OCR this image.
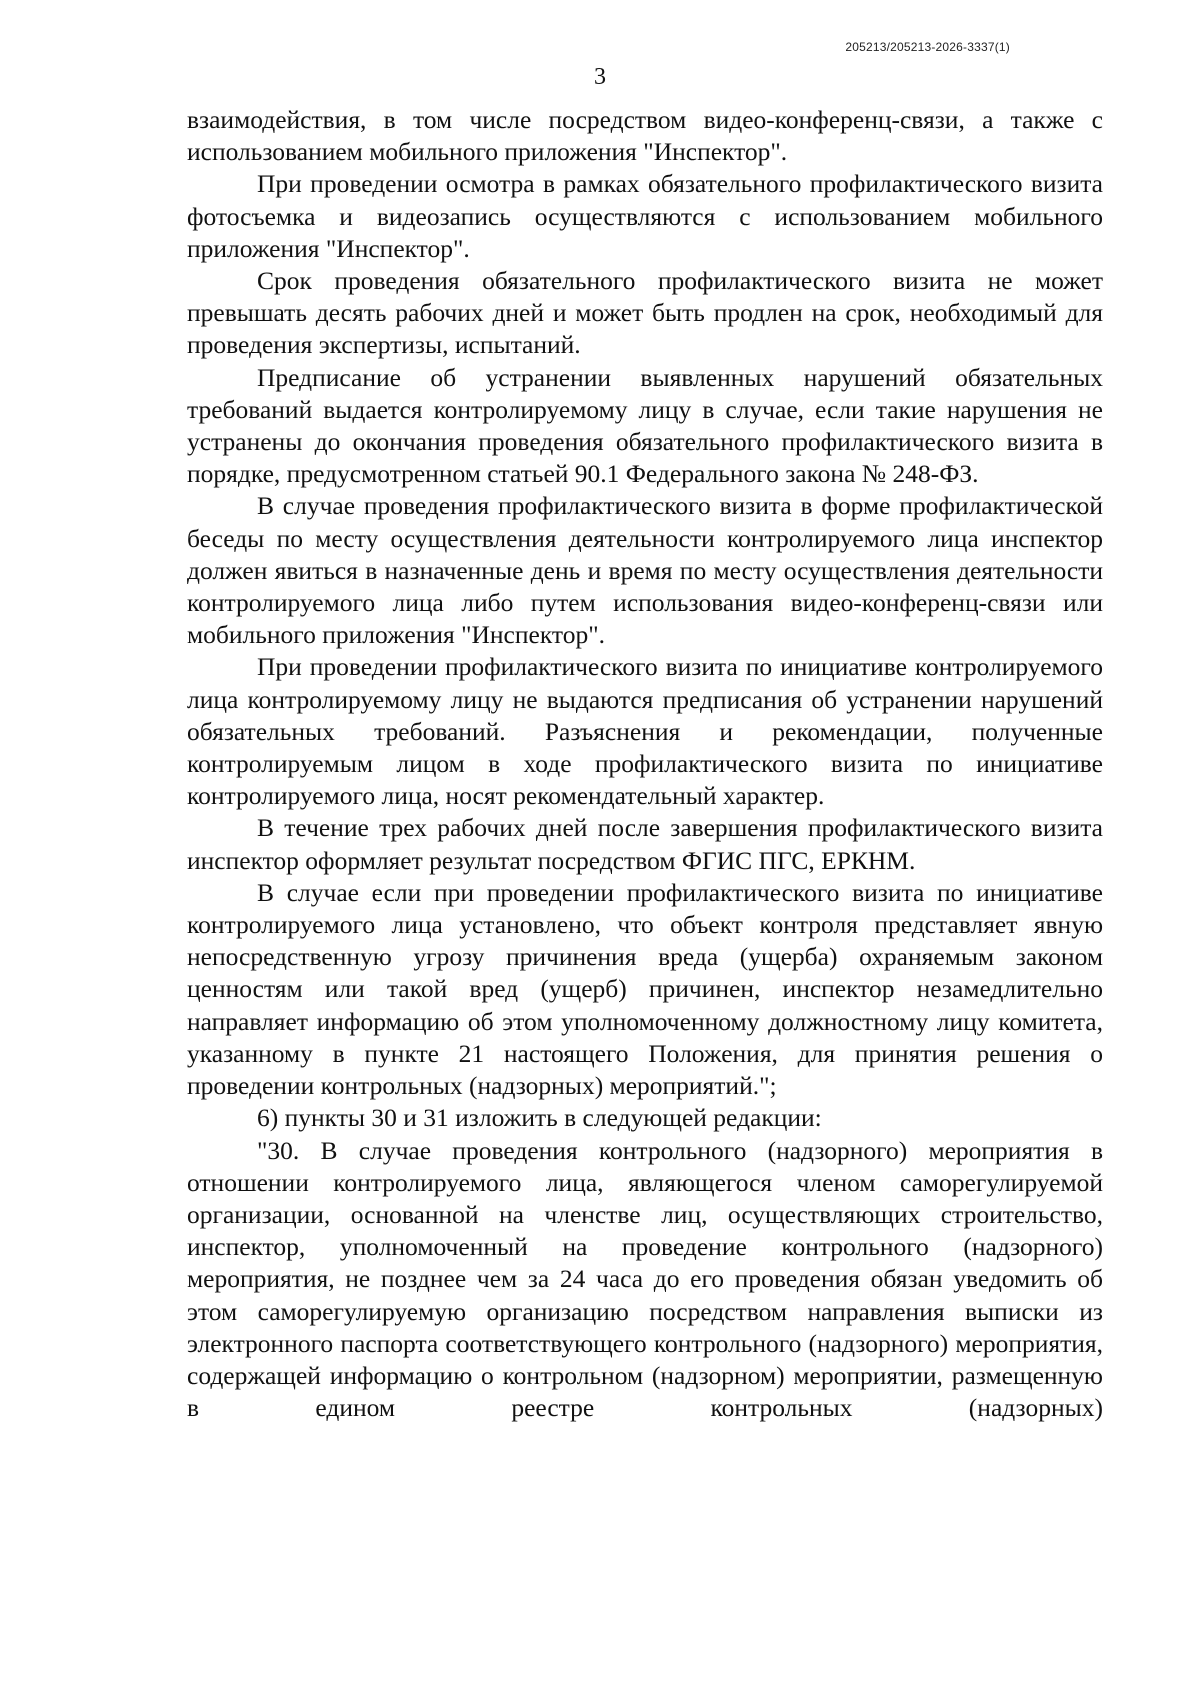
205213/205213-2026-3337(1)
3

взаимодействия, в том числе посредством видео-конференц-связи, а также с использованием мобильного приложения "Инспектор".

При проведении осмотра в рамках обязательного профилактического визита фотосъемка и видеозапись осуществляются с использованием мобильного приложения "Инспектор".

Срок проведения обязательного профилактического визита не может превышать десять рабочих дней и может быть продлен на срок, необходимый для проведения экспертизы, испытаний.

Предписание об устранении выявленных нарушений обязательных требований выдается контролируемому лицу в случае, если такие нарушения не устранены до окончания проведения обязательного профилактического визита в порядке, предусмотренном статьей 90.1 Федерального закона № 248-ФЗ.

В случае проведения профилактического визита в форме профилактической беседы по месту осуществления деятельности контролируемого лица инспектор должен явиться в назначенные день и время по месту осуществления деятельности контролируемого лица либо путем использования видео-конференц-связи или мобильного приложения "Инспектор".

При проведении профилактического визита по инициативе контролируемого лица контролируемому лицу не выдаются предписания об устранении нарушений обязательных требований. Разъяснения и рекомендации, полученные контролируемым лицом в ходе профилактического визита по инициативе контролируемого лица, носят рекомендательный характер.

В течение трех рабочих дней после завершения профилактического визита инспектор оформляет результат посредством ФГИС ПГС, ЕРКНМ.

В случае если при проведении профилактического визита по инициативе контролируемого лица установлено, что объект контроля представляет явную непосредственную угрозу причинения вреда (ущерба) охраняемым законом ценностям или такой вред (ущерб) причинен, инспектор незамедлительно направляет информацию об этом уполномоченному должностному лицу комитета, указанному в пункте 21 настоящего Положения, для принятия решения о проведении контрольных (надзорных) мероприятий.";

6) пункты 30 и 31 изложить в следующей редакции:

"30. В случае проведения контрольного (надзорного) мероприятия в отношении контролируемого лица, являющегося членом саморегулируемой организации, основанной на членстве лиц, осуществляющих строительство, инспектор, уполномоченный на проведение контрольного (надзорного) мероприятия, не позднее чем за 24 часа до его проведения обязан уведомить об этом саморегулируемую организацию посредством направления выписки из электронного паспорта соответствующего контрольного (надзорного) мероприятия, содержащей информацию о контрольном (надзорном) мероприятии, размещенную в едином реестре контрольных (надзорных)
